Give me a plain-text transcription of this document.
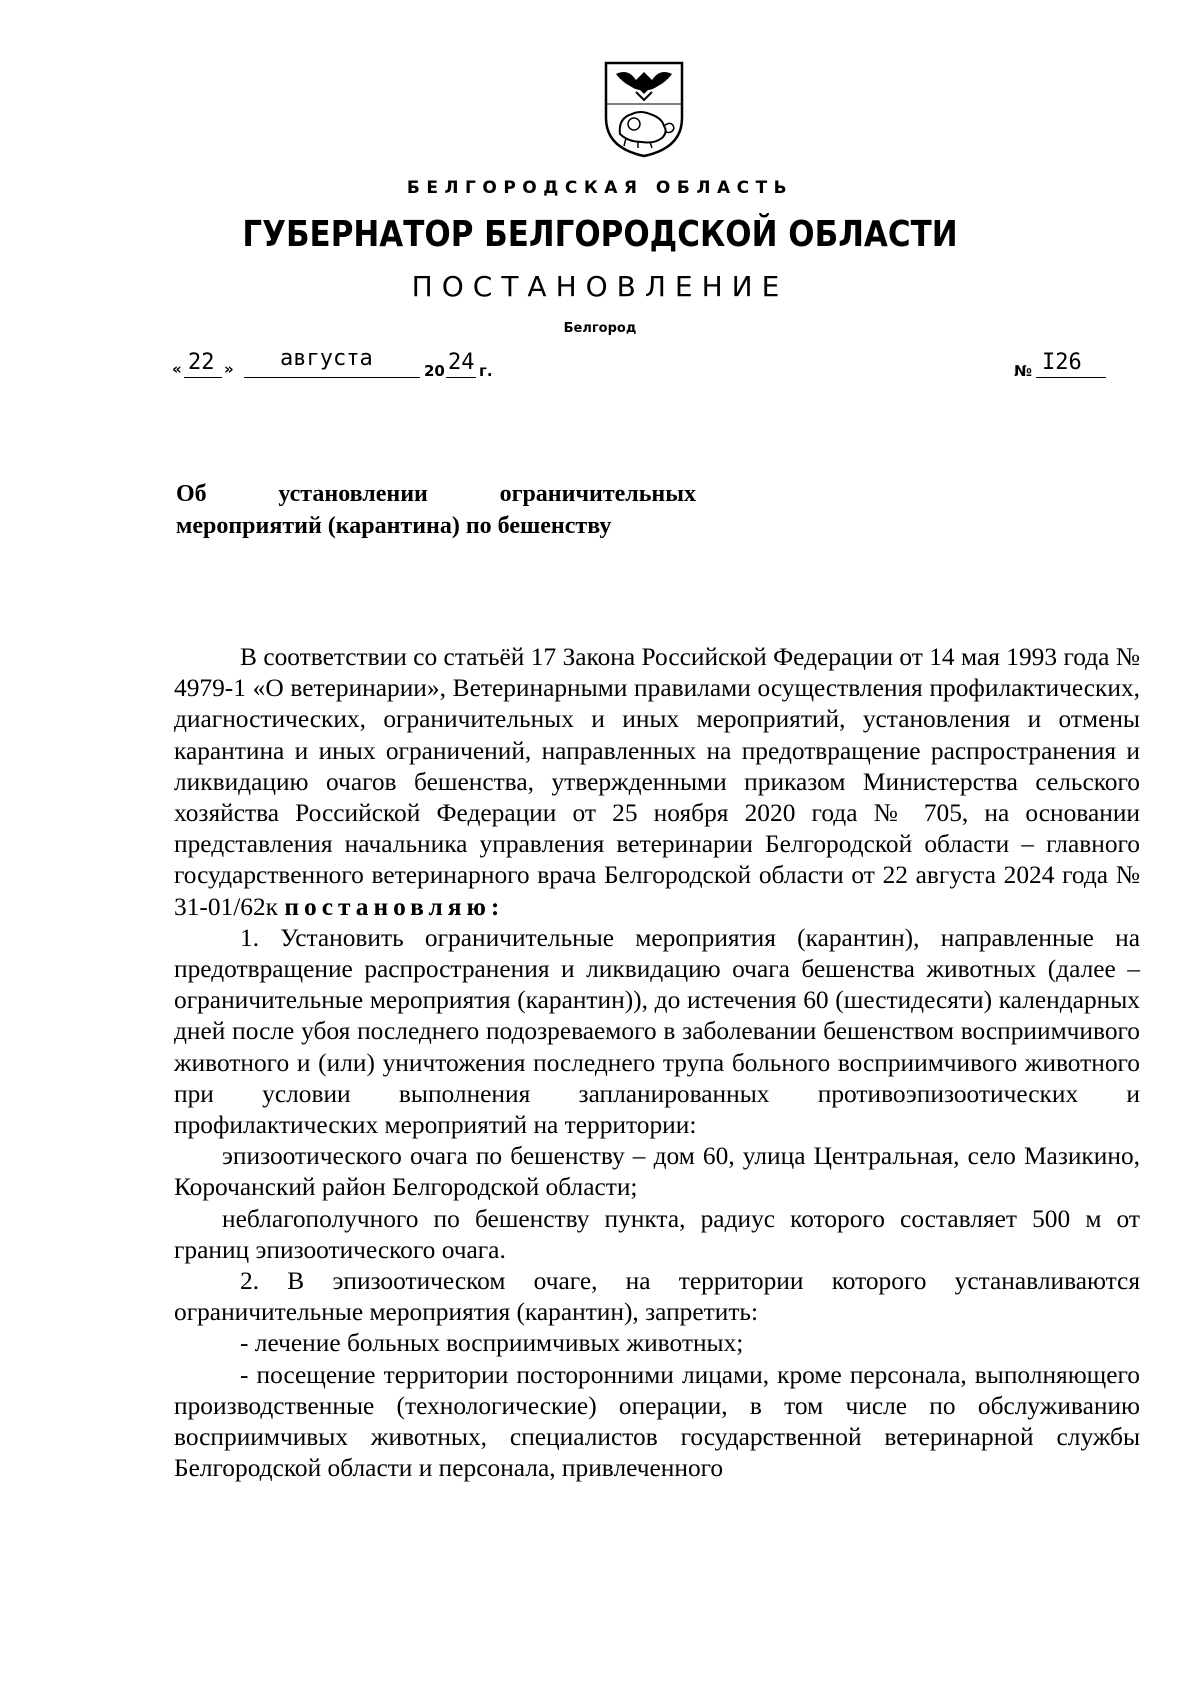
БЕЛГОРОДСКАЯ ОБЛАСТЬ
ГУБЕРНАТОР БЕЛГОРОДСКОЙ ОБЛАСТИ
ПОСТАНОВЛЕНИЕ
Белгород
« 22 » августа	20 24 г.	№ I26
Об	установлении	ограничительных
мероприятий (карантина) по бешенству

В соответствии со статьёй 17 Закона Российской Федерации от 14 мая 1993 года № 4979-1 «О ветеринарии», Ветеринарными правилами осуществления профилактических, диагностических, ограничительных и иных мероприятий, установления и отмены карантина и иных ограничений, направленных на предотвращение распространения и ликвидацию очагов бешенства, утвержденными приказом Министерства сельского хозяйства Российской Федерации от 25 ноября 2020 года № 705, на основании представления начальника управления ветеринарии Белгородской области – главного государственного ветеринарного врача Белгородской области от 22 августа 2024 года № 31-01/62к постановляю:

1. Установить ограничительные мероприятия (карантин), направленные на предотвращение распространения и ликвидацию очага бешенства животных (далее – ограничительные мероприятия (карантин)), до истечения 60 (шестидесяти) календарных дней после убоя последнего подозреваемого в заболевании бешенством восприимчивого животного и (или) уничтожения последнего трупа больного восприимчивого животного при условии выполнения запланированных противоэпизоотических и профилактических мероприятий на территории:

эпизоотического очага по бешенству – дом 60, улица Центральная, село Мазикино, Корочанский район Белгородской области;

неблагополучного по бешенству пункта, радиус которого составляет 500 м от границ эпизоотического очага.

2. В эпизоотическом очаге, на территории которого устанавливаются ограничительные мероприятия (карантин), запретить:

- лечение больных восприимчивых животных;

- посещение территории посторонними лицами, кроме персонала, выполняющего производственные (технологические) операции, в том числе по обслуживанию восприимчивых животных, специалистов государственной ветеринарной службы Белгородской области и персонала, привлеченного
